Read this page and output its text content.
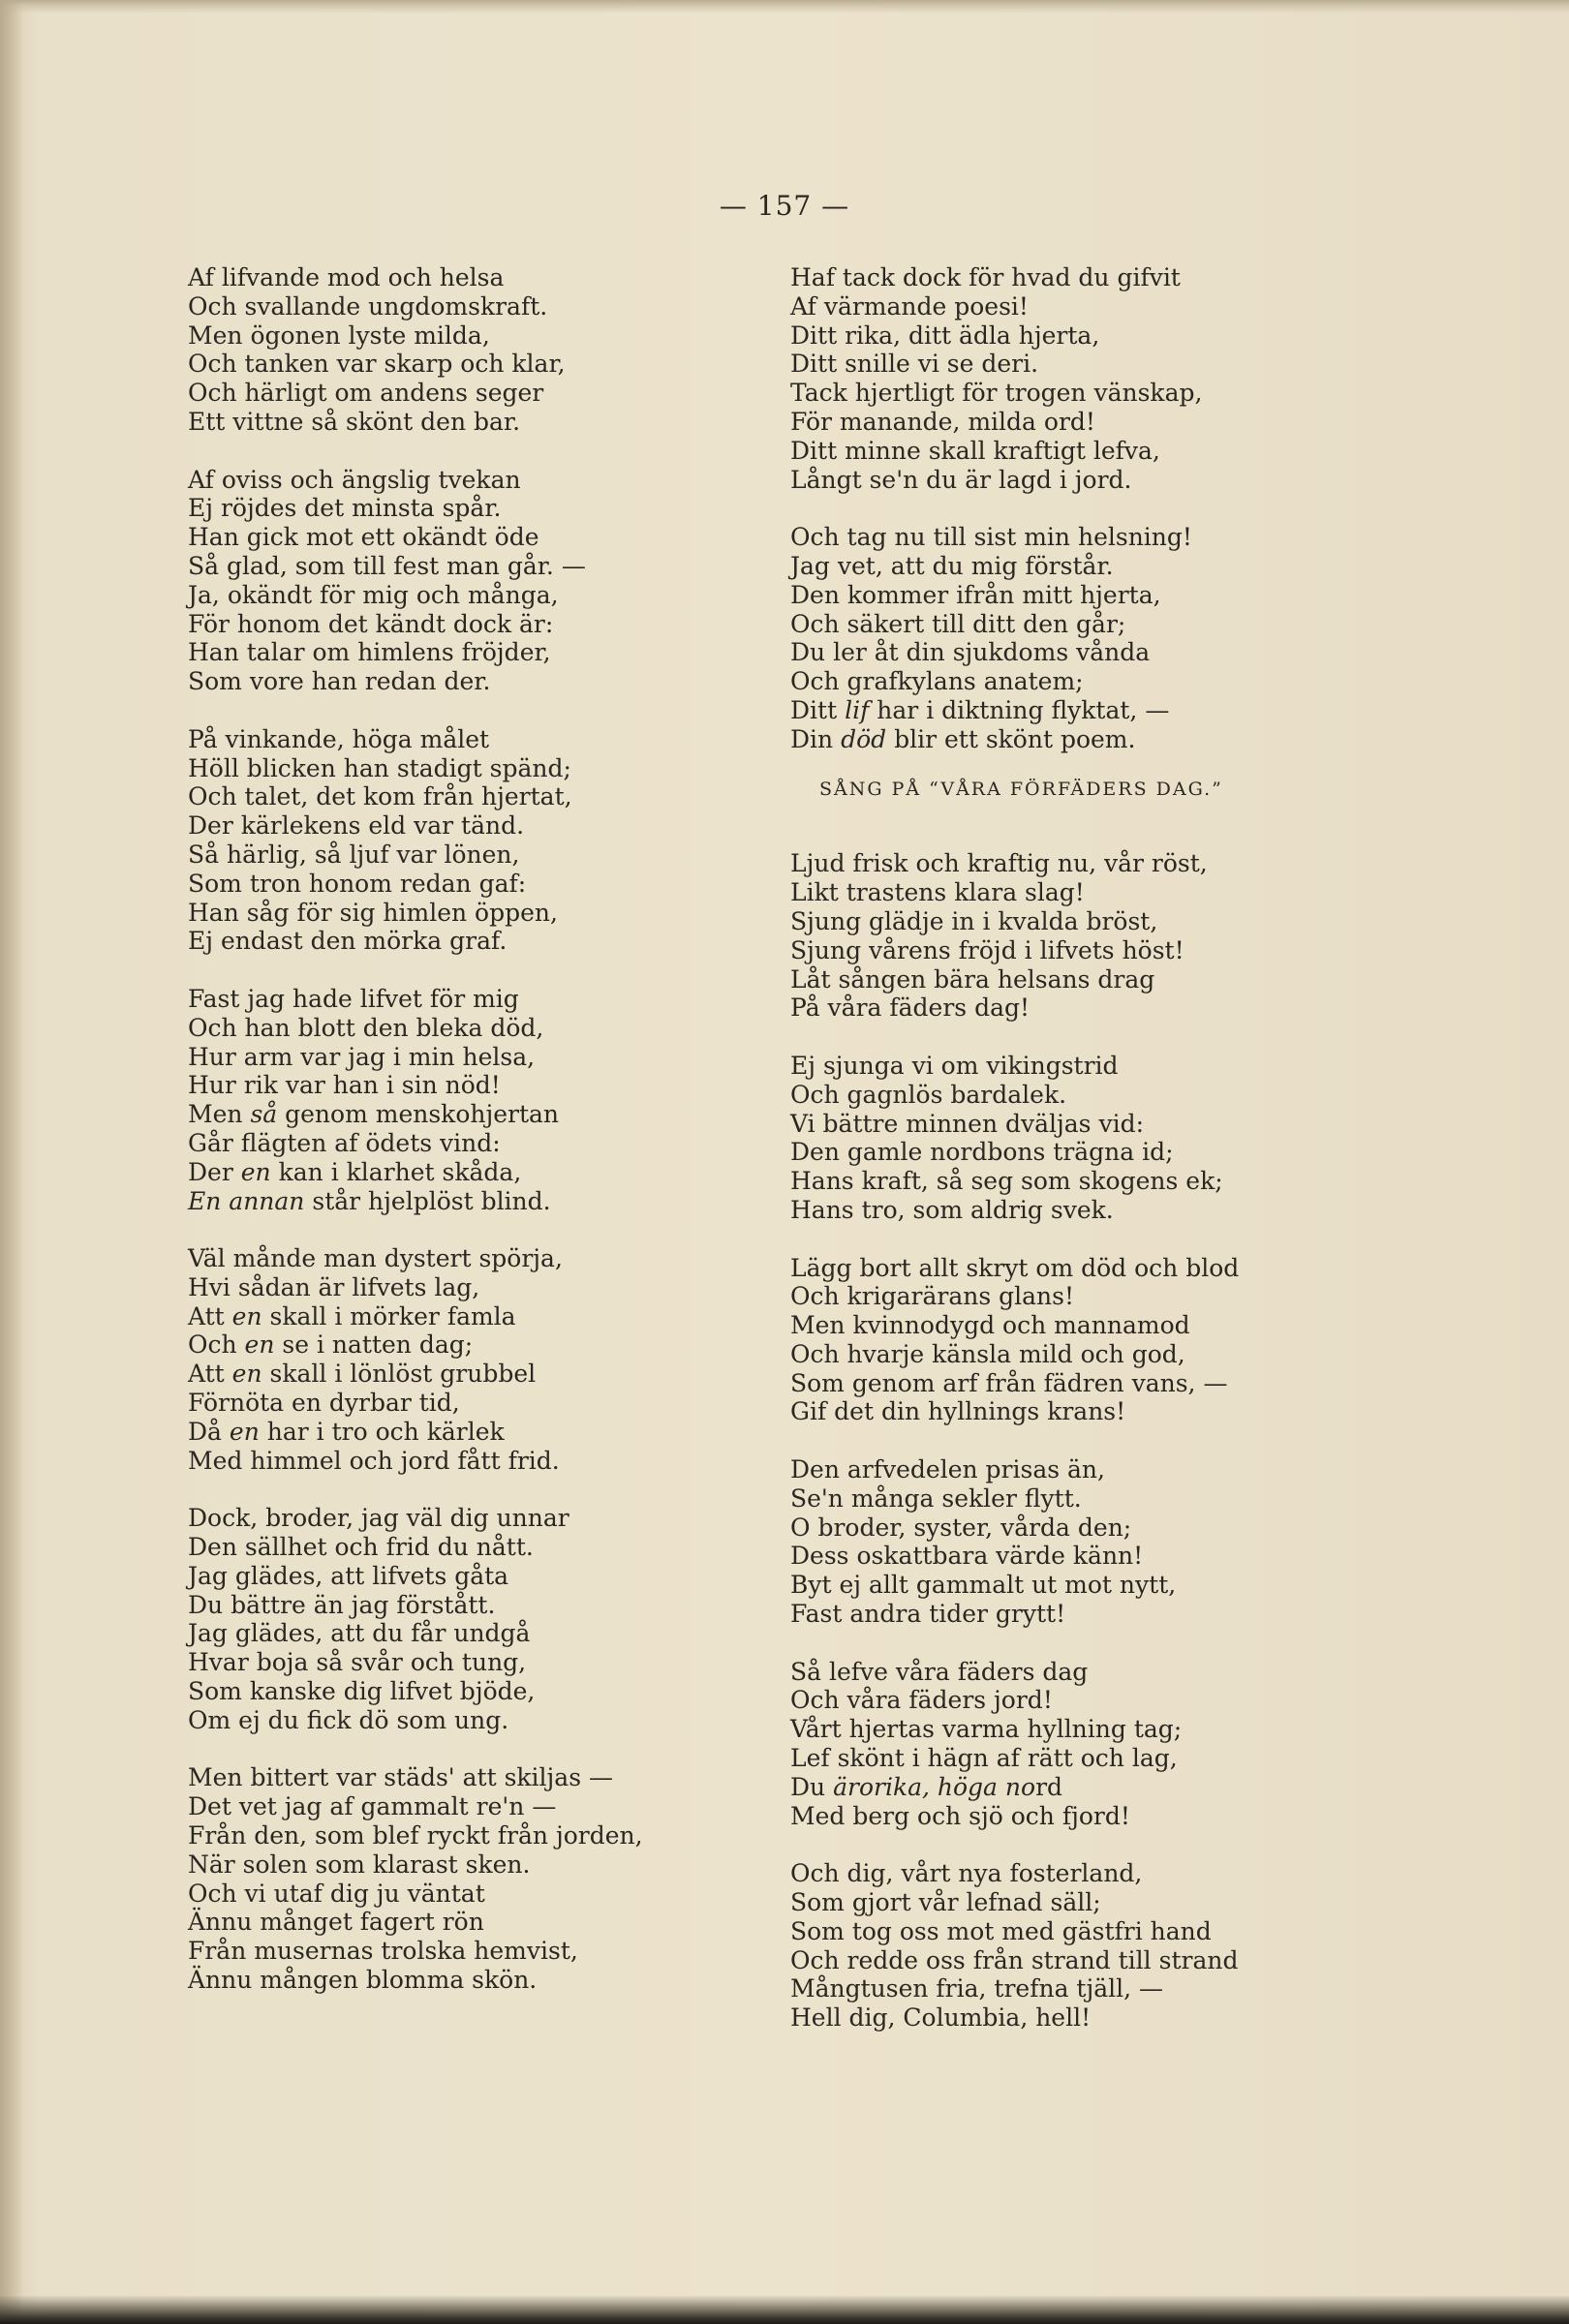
— 157 —

Af lifvande mod och helsa
Och svallande ungdomskraft.
Men ögonen lyste milda,
Och tanken var skarp och klar,
Och härligt om andens seger
Ett vittne så skönt den bar.
Af oviss och ängslig tvekan
Ej röjdes det minsta spår.
Han gick mot ett okändt öde
Så glad, som till fest man går. —
Ja, okändt för mig och många,
För honom det kändt dock är:
Han talar om himlens fröjder,
Som vore han redan der.
På vinkande, höga målet
Höll blicken han stadigt spänd;
Och talet, det kom från hjertat,
Der kärlekens eld var tänd.
Så härlig, så ljuf var lönen,
Som tron honom redan gaf:
Han såg för sig himlen öppen,
Ej endast den mörka graf.
Fast jag hade lifvet för mig
Och han blott den bleka död,
Hur arm var jag i min helsa,
Hur rik var han i sin nöd!
Men så genom menskohjertan
Går flägten af ödets vind:
Der en kan i klarhet skåda,
En annan står hjelplöst blind.
Väl månde man dystert spörja,
Hvi sådan är lifvets lag,
Att en skall i mörker famla
Och en se i natten dag;
Att en skall i lönlöst grubbel
Förnöta en dyrbar tid,
Då en har i tro och kärlek
Med himmel och jord fått frid.
Dock, broder, jag väl dig unnar
Den sällhet och frid du nått.
Jag glädes, att lifvets gåta
Du bättre än jag förstått.
Jag glädes, att du får undgå
Hvar boja så svår och tung,
Som kanske dig lifvet bjöde,
Om ej du fick dö som ung.
Men bittert var städs' att skiljas —
Det vet jag af gammalt re'n —
Från den, som blef ryckt från jorden,
När solen som klarast sken.
Och vi utaf dig ju väntat
Ännu månget fagert rön
Från musernas trolska hemvist,
Ännu mången blomma skön.
Haf tack dock för hvad du gifvit
Af värmande poesi!
Ditt rika, ditt ädla hjerta,
Ditt snille vi se deri.
Tack hjertligt för trogen vänskap,
För manande, milda ord!
Ditt minne skall kraftigt lefva,
Långt se'n du är lagd i jord.
Och tag nu till sist min helsning!
Jag vet, att du mig förstår.
Den kommer ifrån mitt hjerta,
Och säkert till ditt den går;
Du ler åt din sjukdoms vånda
Och grafkylans anatem;
Ditt lif har i diktning flyktat, —
Din död blir ett skönt poem.
SÅNG PÅ “VÅRA FÖRFÄDERS DAG.”
Ljud frisk och kraftig nu, vår röst,
Likt trastens klara slag!
Sjung glädje in i kvalda bröst,
Sjung vårens fröjd i lifvets höst!
Låt sången bära helsans drag
På våra fäders dag!
Ej sjunga vi om vikingstrid
Och gagnlös bardalek.
Vi bättre minnen dväljas vid:
Den gamle nordbons trägna id;
Hans kraft, så seg som skogens ek;
Hans tro, som aldrig svek.
Lägg bort allt skryt om död och blod
Och krigarärans glans!
Men kvinnodygd och mannamod
Och hvarje känsla mild och god,
Som genom arf från fädren vans, —
Gif det din hyllnings krans!
Den arfvedelen prisas än,
Se'n många sekler flytt.
O broder, syster, vårda den;
Dess oskattbara värde känn!
Byt ej allt gammalt ut mot nytt,
Fast andra tider grytt!
Så lefve våra fäders dag
Och våra fäders jord!
Vårt hjertas varma hyllning tag;
Lef skönt i hägn af rätt och lag,
Du ärorika, höga nord
Med berg och sjö och fjord!
Och dig, vårt nya fosterland,
Som gjort vår lefnad säll;
Som tog oss mot med gästfri hand
Och redde oss från strand till strand
Mångtusen fria, trefna tjäll, —
Hell dig, Columbia, hell!
